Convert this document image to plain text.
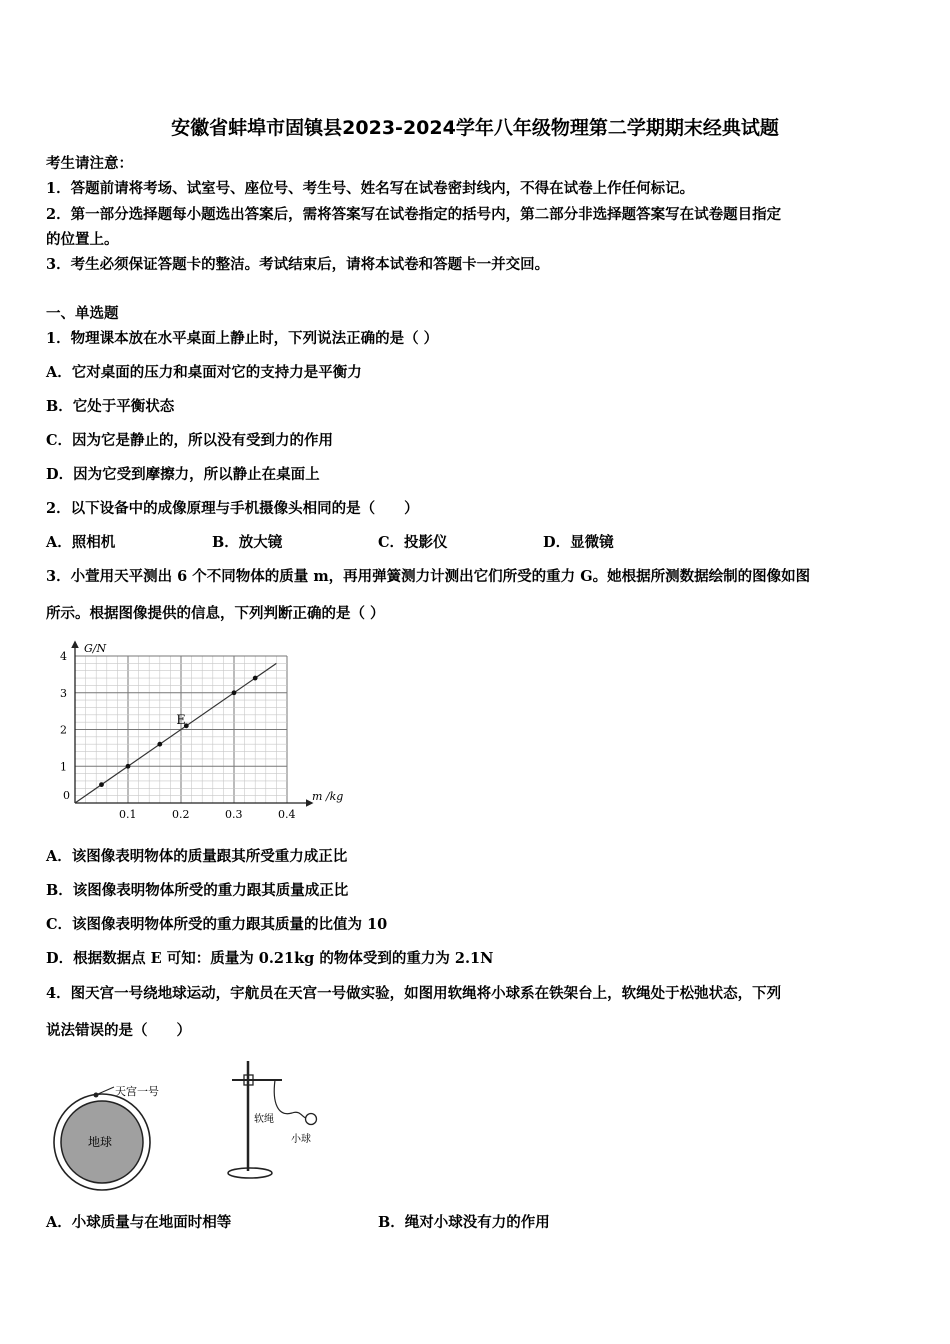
安徽省蚌埠市固镇县2023-2024学年八年级物理第二学期期末经典试题
考生请注意：
1．答题前请将考场、试室号、座位号、考生号、姓名写在试卷密封线内，不得在试卷上作任何标记。
2．第一部分选择题每小题选出答案后，需将答案写在试卷指定的括号内，第二部分非选择题答案写在试卷题目指定
的位置上。
3．考生必须保证答题卡的整洁。考试结束后，请将本试卷和答题卡一并交回。
一、单选题
1．物理课本放在水平桌面上静止时，下列说法正确的是（ ）
A．它对桌面的压力和桌面对它的支持力是平衡力
B．它处于平衡状态
C．因为它是静止的，所以没有受到力的作用
D．因为它受到摩擦力，所以静止在桌面上
2．以下设备中的成像原理与手机摄像头相同的是（　　）
A．照相机	B．放大镜	C．投影仪	D．显微镜
3．小萱用天平测出 6 个不同物体的质量 m，再用弹簧测力计测出它们所受的重力 G。她根据所测数据绘制的图像如图
所示。根据图像提供的信息，下列判断正确的是（ ）
0.1	0.2	0.3	0.4
1
2
3
4
G/N
m /kg
0
E
A．该图像表明物体的质量跟其所受重力成正比
B．该图像表明物体所受的重力跟其质量成正比
C．该图像表明物体所受的重力跟其质量的比值为 10
D．根据数据点 E 可知：质量为 0.21kg 的物体受到的重力为 2.1N
4．图天宫一号绕地球运动，宇航员在天宫一号做实验，如图用软绳将小球系在铁架台上，软绳处于松弛状态，下列
说法错误的是（　　）
天宫一号
地球
软绳
小球
A．小球质量与在地面时相等	B．绳对小球没有力的作用
